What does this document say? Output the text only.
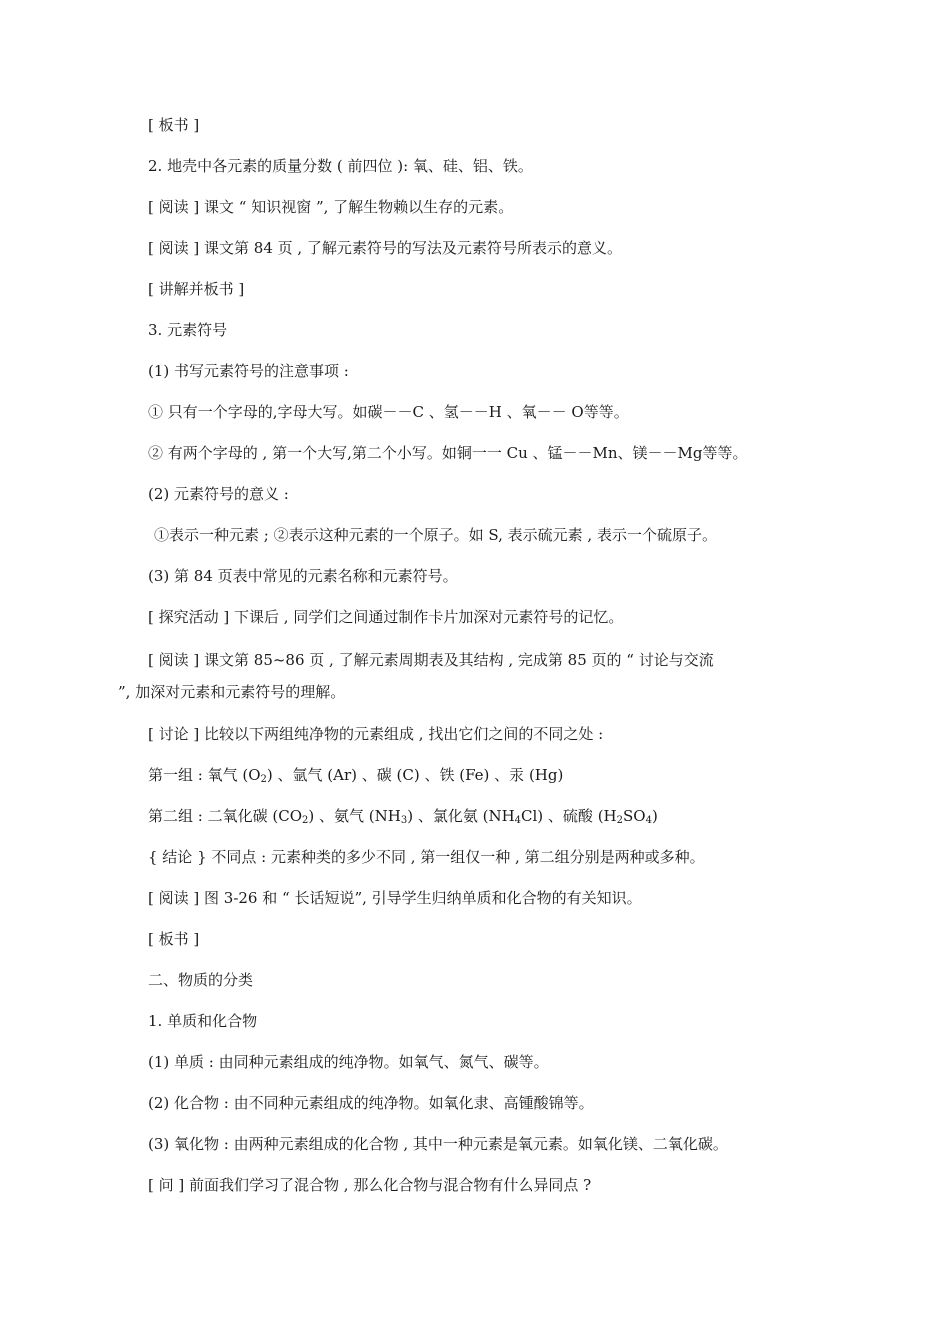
[ 板书 ]
2. 地壳中各元素的质量分数 ( 前四位 ): 氧、硅、铝、铁。
[ 阅读 ] 课文 “ 知识视窗 ”, 了解生物赖以生存的元素。
[ 阅读 ] 课文第 84 页 , 了解元素符号的写法及元素符号所表示的意义。
[ 讲解并板书 ]
3. 元素符号
(1) 书写元素符号的注意事项 :
① 只有一个字母的,字母大写。如碳－－C 、氢－－H 、氧－－ O等等。
② 有两个字母的 , 第一个大写,第二个小写。如铜一一 Cu 、锰－－Mn、镁－－Mg等等。
(2) 元素符号的意义 :
①表示一种元素 ; ②表示这种元素的一个原子。如 S, 表示硫元素 , 表示一个硫原子。
(3) 第 84 页表中常见的元素名称和元素符号。
[ 探究活动 ] 下课后 , 同学们之间通过制作卡片加深对元素符号的记忆。
[ 阅读 ] 课文第 85~86 页 , 了解元素周期表及其结构 , 完成第 85 页的 “ 讨论与交流
”, 加深对元素和元素符号的理解。
[ 讨论 ] 比较以下两组纯净物的元素组成 , 找出它们之间的不同之处 :
第一组 : 氧气 $(O_2)$ 、氩气 (Ar) 、碳 (C) 、铁 (Fe) 、汞 (Hg)
第二组 : 二氧化碳 $(CO_2)$ 、氨气 $(NH_3)$ 、氯化氨 $(NH_4Cl)$ 、硫酸 $(H_2SO_4)$
{ 结论 } 不同点 : 元素种类的多少不同 , 第一组仅一种 , 第二组分别是两种或多种。
[ 阅读 ] 图 3-26 和 “ 长话短说”, 引导学生归纳单质和化合物的有关知识。
[ 板书 ]
二、物质的分类
1. 单质和化合物
(1) 单质 : 由同种元素组成的纯净物。如氧气、氮气、碳等。
(2) 化合物 : 由不同种元素组成的纯净物。如氧化隶、高锺酸锦等。
(3) 氧化物 : 由两种元素组成的化合物 , 其中一种元素是氧元素。如氧化镁、二氧化碳。
[ 问 ] 前面我们学习了混合物 , 那么化合物与混合物有什么异同点 ?
